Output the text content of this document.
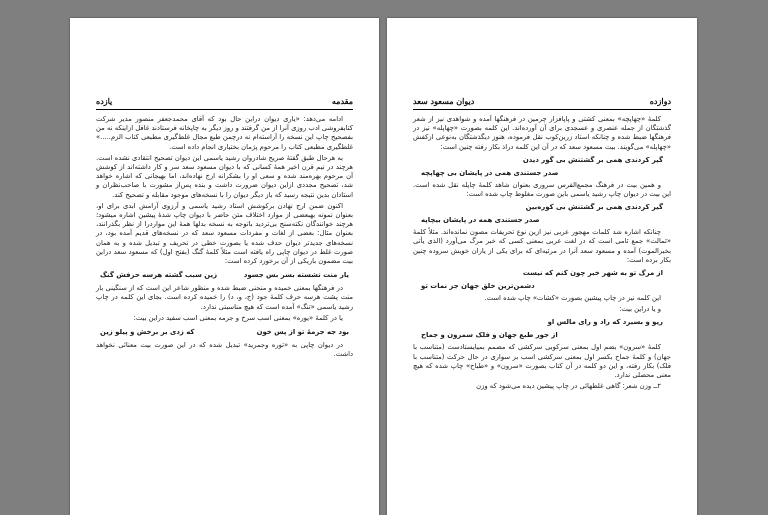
مقدمه
یازده

ادامه می‌دهد: «یاری دیوان دراین حال بود که آقای محمدجعفر منصور مدیر شرکت کتابفروشی ادب روزی آنرا از من گرفتند و روز دیگر به چاپخانه فرستادند غافل ازاینکه نه من بفصحیح چاپ این نسخه را آراسته‌ام نه درچمن طبع مجال غلط‌گیری مطبعی کتاب الزم.....» غلطگیری مطبعی کتاب را مرحوم پژمان بختیاری انجام داده است.

به هرحال طبق گفتهٔ صریح شادروان رشید یاسمی این دیوان تصحیح انتقادی نشده است. هرچند در نیم قرن اخیر همهٔ کسانی که با دیوان مسعود سعد سر و کار داشته‌اند از کوشش آن مرحوم بهره‌مند شده و سعی او را بشکرانه ارج نهاده‌اند، اما بهیجانی که اشاره خواهد شد، تصحیح مجددی ازاین دیوان ضرورت داشت و بنده پس‌از مشورت با صاحب‌نظران و استادان بدین نتیجه رسید که باز دیگر دیوان را با نسخه‌های موجود مقابله و تصحیح کند.

اکنون ضمن ارج نهادن برکوشش استاد رشید یاسمی و آرزوی آرامش ابدی برای او، بعنوان نمونه بهبعضی از موارد اختلاف متن حاضر با دیوان چاپ شدهٔ پیشین اشاره میشود؛ هرچند خوانندگان نکته‌سنج بی‌تردید باتوجه به نسخه بدلها همهٔ این مواردرا از نظر بگذرانند، بعنوان مثال: بعضی از لغات و مفردات مسعود سعد که در نسخه‌های قدیم آمده بود، در نسخه‌های جدیدتر دیوان حدف شده یا بصورت خطی در تحریف و تبدیل شده و به همان صورت غلط در دیوان چاپی راه یافته است مثلاً کلمهٔ گنگ (بفتح اول) که مسعود سعد دراین بیت مضمون باریکی از آن برخورد کرده است:

یار منت تشسته بسر بس جسود
زین سبب گشته هرسه حرفش گنگ

در فرهنگها بمعنی خمیده و منحنی ضبط شده و منظور شاعر این است که از سنگینی بار منت پشت هرسه حرف کلمهٔ جود (ج، و، د) را خمیده کرده است. بجای این کلمه در چاپ رشید یاسمی «تنگ» آمده است که هیچ مناسبتی ندارد.

یا در کلمهٔ «یوره» بمعنی اسب سرخ و جرمه بمعنی اسب سفید دراین بیت:

بود جه جرمهٔ تو از پس خون
که زدی بر برخش و پیلو زین

در دیوان چاپی به «توره وجمرید» تبدیل شده که در این صورت بیت معنائی نخواهد داشت.

دیوان مسعود سعد	دوازده

کلمهٔ «چهاپچه» بمعنی کشتی و پاپافزار چرمین در فرهنگها آمده و شواهدی نیز از شعر گذشتگان از جمله عنصری و عسجدی برای آن آورده‌اند. این کلمه بصورت «چهاپله» نیز در فرهنگها ضبط شده و چنانکه استاد زرین‌کوب نقل فرموده، هنوز دیگذشتگان به‌نوعی ازکفش «چهاپله» می‌گویند. بیت مسعود سعد که در آن این کلمه دراذ بکار رفته چنین است:

گیر کردندی همی بر گشتنش بی گور دیدن
صدر جستندی همی در پایشان بی چهاپچه

و همین بیت در فرهنگ مجمع‌الفرس سروری بعنوان شاهد کلمهٔ چاپله نقل شده است. این بیت در دیوان چاپ رشید یاسمی باین صورت مغلوط چاپ شده است:

گیر کردندی همی بر گشتنش بی کوره‌بین
صدر جستندی همه در پایشان بیچاپه

چنانکه اشاره شد کلمات مهجور عربی نیز ازین نوع تحریفات مصون نمانده‌اند. مثلاً کلمهٔ «ثمالت» جمع ثامی است که در لغت عربی بمعنی کسی که خبر مرگ می‌آورد (الذی یأتی بخبرالموت) آمده و مسعود سعد آنرا در مرثیه‌ای که برای یکی از یاران خویش سروده چنین بکار برده است:

از مرگ تو به شهر خبر چون کنم که نیست
دشمن‌ترین خلق جهان جز نمات تو

این کلمه نیز در چاپ پیشین بصورت «کشات» چاپ شده است.

و یا دراین بیت:

ریو و بسیرد که راد و رای مالس او
از جور طبع جهان و فلک سمرون و جماح

کلمهٔ «سرون» بضم اول بمعنی سرکوبی سرکشی که مصمم بمیایستادست (متناسب با جهان) و کلمهٔ جماح بکسر اول بمعنی سرکشی اسب بر سواری در حال حرکت (متناسب با فلک) بکار رفته، و این دو کلمه در آن کتاب بصورت «سرون» و «طباح» چاپ شده که هیچ معنی محصلی ندارد.

۲ــ وزن شعر: گاهی غلطهائی در چاپ پیشین دیده می‌شود که وزن
